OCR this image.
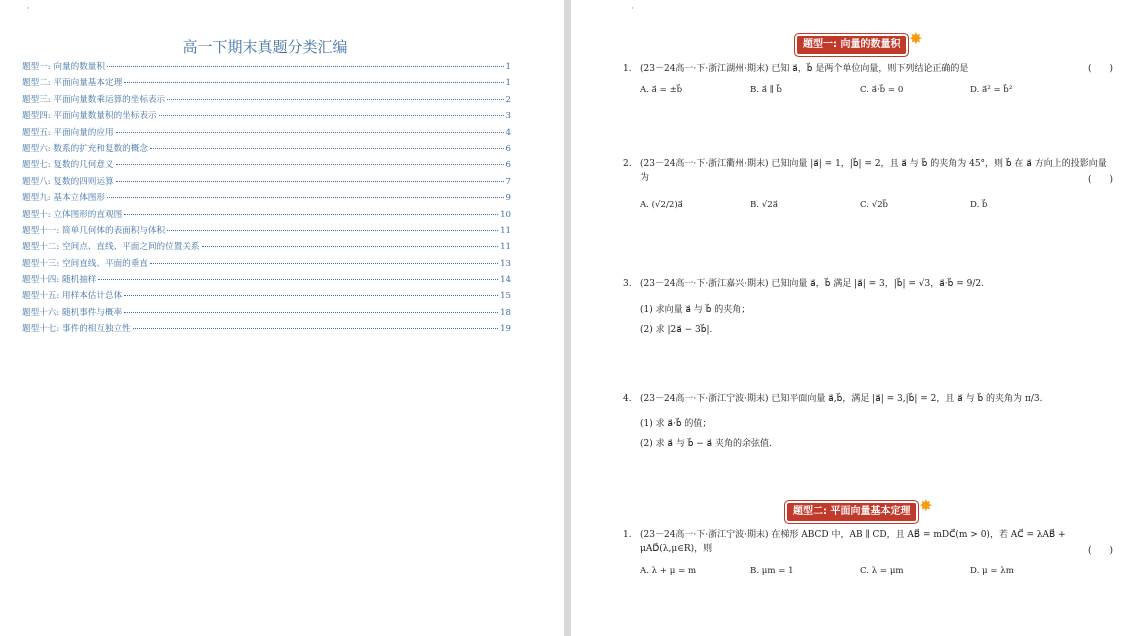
·
高一下期末真题分类汇编
题型一: 向量的数量积	1
题型二: 平面向量基本定理	1
题型三: 平面向量数乘运算的坐标表示	2
题型四: 平面向量数量积的坐标表示	3
题型五: 平面向量的应用	4
题型六: 数系的扩充和复数的概念	6
题型七: 复数的几何意义	6
题型八: 复数的四则运算	7
题型九: 基本立体图形	9
题型十: 立体图形的直观图	10
题型十一: 简单几何体的表面积与体积	11
题型十二: 空间点、直线、平面之间的位置关系	11
题型十三: 空间直线、平面的垂直	13
题型十四: 随机抽样	14
题型十五: 用样本估计总体	15
题型十六: 随机事件与概率	18
题型十七: 事件的相互独立性	19
·
题型一: 向量的数量积 ✸
1. (23－24高一·下·浙江湖州·期末) 已知 a⃗，b⃗ 是两个单位向量，则下列结论正确的是	(　　)
A. a⃗ = ±b⃗	B. a⃗ ∥ b⃗	C. a⃗·b⃗ = 0	D. a⃗² = b⃗²
2. (23－24高一·下·浙江衢州·期末) 已知向量 |a⃗| = 1，|b⃗| = 2，且 a⃗ 与 b⃗ 的夹角为 45°，则 b⃗ 在 a⃗ 方向上的投影向量为	(　　)
A. (√2/2)a⃗	B. √2a⃗	C. √2b⃗	D. b⃗
3. (23－24高一·下·浙江嘉兴·期末) 已知向量 a⃗，b⃗ 满足 |a⃗| = 3，|b⃗| = √3，a⃗·b⃗ = 9/2.
(1) 求向量 a⃗ 与 b⃗ 的夹角；
(2) 求 |2a⃗ − 3b⃗|.
4. (23－24高一·下·浙江宁波·期末) 已知平面向量 a⃗,b⃗，满足 |a⃗| = 3,|b⃗| = 2，且 a⃗ 与 b⃗ 的夹角为 π/3.
(1) 求 a⃗·b⃗ 的值；
(2) 求 a⃗ 与 b⃗ − a⃗ 夹角的余弦值.
题型二: 平面向量基本定理 ✸
1. (23－24高一·下·浙江宁波·期末) 在梯形 ABCD 中，AB ∥ CD，且 AB⃗ = mDC⃗(m > 0)，若 AC⃗ = λAB⃗ + μAD⃗(λ,μ∈R)，则	(　　)
A. λ + μ = m	B. μm = 1	C. λ = μm	D. μ = λm
